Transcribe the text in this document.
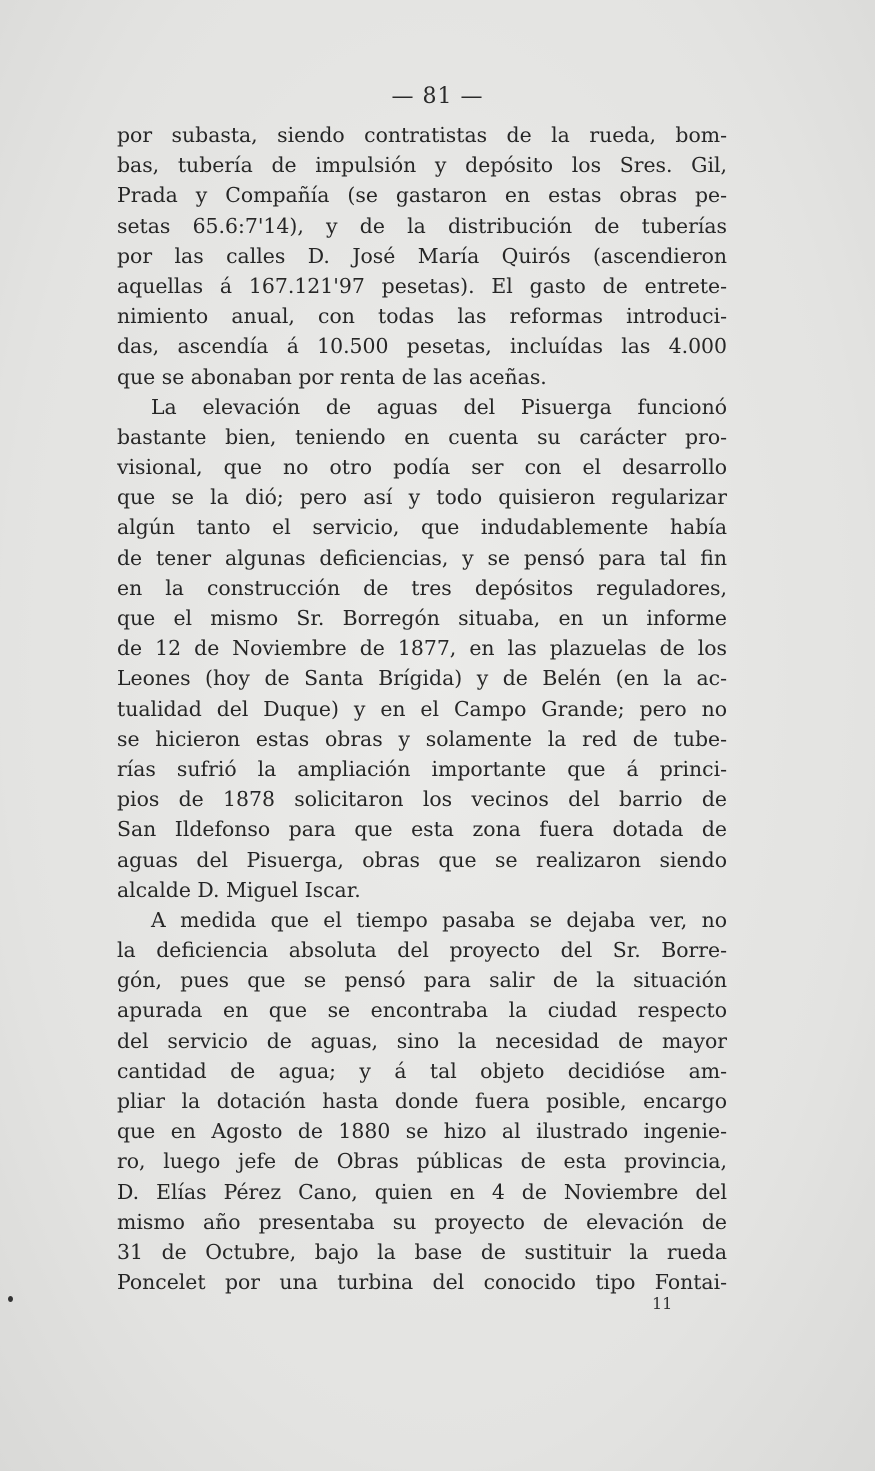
— 81 —
por subasta, siendo contratistas de la rueda, bom-
bas, tubería de impulsión y depósito los Sres. Gil,
Prada y Compañía (se gastaron en estas obras pe-
setas 65.6:7'14), y de la distribución de tuberías
por las calles D. José María Quirós (ascendieron
aquellas á 167.121'97 pesetas). El gasto de entrete-
nimiento anual, con todas las reformas introduci-
das, ascendía á 10.500 pesetas, incluídas las 4.000
que se abonaban por renta de las aceñas.
La elevación de aguas del Pisuerga funcionó
bastante bien, teniendo en cuenta su carácter pro-
visional, que no otro podía ser con el desarrollo
que se la dió; pero así y todo quisieron regularizar
algún tanto el servicio, que indudablemente había
de tener algunas deficiencias, y se pensó para tal fin
en la construcción de tres depósitos reguladores,
que el mismo Sr. Borregón situaba, en un informe
de 12 de Noviembre de 1877, en las plazuelas de los
Leones (hoy de Santa Brígida) y de Belén (en la ac-
tualidad del Duque) y en el Campo Grande; pero no
se hicieron estas obras y solamente la red de tube-
rías sufrió la ampliación importante que á princi-
pios de 1878 solicitaron los vecinos del barrio de
San Ildefonso para que esta zona fuera dotada de
aguas del Pisuerga, obras que se realizaron siendo
alcalde D. Miguel Iscar.
A medida que el tiempo pasaba se dejaba ver, no
la deficiencia absoluta del proyecto del Sr. Borre-
gón, pues que se pensó para salir de la situación
apurada en que se encontraba la ciudad respecto
del servicio de aguas, sino la necesidad de mayor
cantidad de agua; y á tal objeto decidióse am-
pliar la dotación hasta donde fuera posible, encargo
que en Agosto de 1880 se hizo al ilustrado ingenie-
ro, luego jefe de Obras públicas de esta provincia,
D. Elías Pérez Cano, quien en 4 de Noviembre del
mismo año presentaba su proyecto de elevación de
31 de Octubre, bajo la base de sustituir la rueda
Poncelet por una turbina del conocido tipo Fontai-
11
